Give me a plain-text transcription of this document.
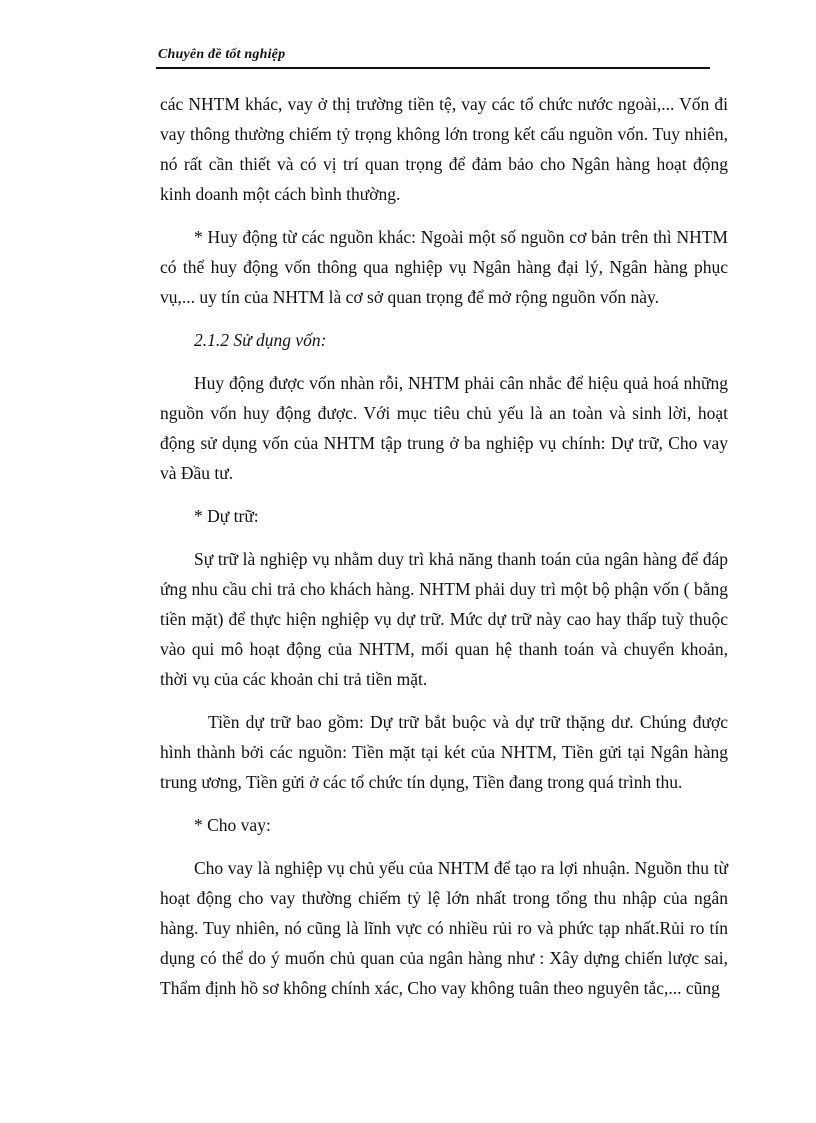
Chuyên đề tốt nghiệp

các NHTM khác, vay ở thị trường tiền tệ, vay các tổ chức nước ngoài,... Vốn đi vay thông thường chiếm tỷ trọng không lớn trong kết cấu nguồn vốn. Tuy nhiên, nó rất cần thiết và có vị trí quan trọng để đảm bảo cho Ngân hàng hoạt động kinh doanh một cách bình thường.

* Huy động từ các nguồn khác: Ngoài một số nguồn cơ bản trên thì NHTM có thể huy động vốn thông qua nghiệp vụ Ngân hàng đại lý, Ngân hàng phục vụ,... uy tín của NHTM là cơ sở quan trọng để mở rộng nguồn vốn này.

2.1.2 Sử dụng vốn:

Huy động được vốn nhàn rỗi, NHTM phải cân nhắc để hiệu quả hoá những nguồn vốn huy động được. Với mục tiêu chủ yếu là an toàn và sinh lời, hoạt động sử dụng vốn của NHTM tập trung ở ba nghiệp vụ chính: Dự trữ, Cho vay và Đầu tư.

* Dự trữ:

Sự trữ là nghiệp vụ nhằm duy trì khả năng thanh toán của ngân hàng để đáp ứng nhu cầu chi trả cho khách hàng. NHTM phải duy trì một bộ phận vốn ( bằng tiền mặt) để thực hiện nghiệp vụ dự trữ. Mức dự trữ này cao hay thấp tuỳ thuộc vào qui mô hoạt động của NHTM, mối quan hệ thanh toán và chuyển khoản, thời vụ của các khoản chi trả tiền mặt.

Tiền dự trữ bao gồm: Dự trữ bắt buộc và dự trữ thặng dư. Chúng được hình thành bởi các nguồn: Tiền mặt tại két của NHTM, Tiền gửi tại Ngân hàng trung ương, Tiền gửi ở các tổ chức tín dụng, Tiền đang trong quá trình thu.

* Cho vay:

Cho vay là nghiệp vụ chủ yếu của NHTM để tạo ra lợi nhuận. Nguồn thu từ hoạt động cho vay thường chiếm tỷ lệ lớn nhất trong tổng thu nhập của ngân hàng. Tuy nhiên, nó cũng là lĩnh vực có nhiều rủi ro và phức tạp nhất.Rủi ro tín dụng có thể do ý muốn chủ quan của ngân hàng như : Xây dựng chiến lược sai, Thẩm định hồ sơ không chính xác, Cho vay không tuân theo nguyên tắc,... cũng
